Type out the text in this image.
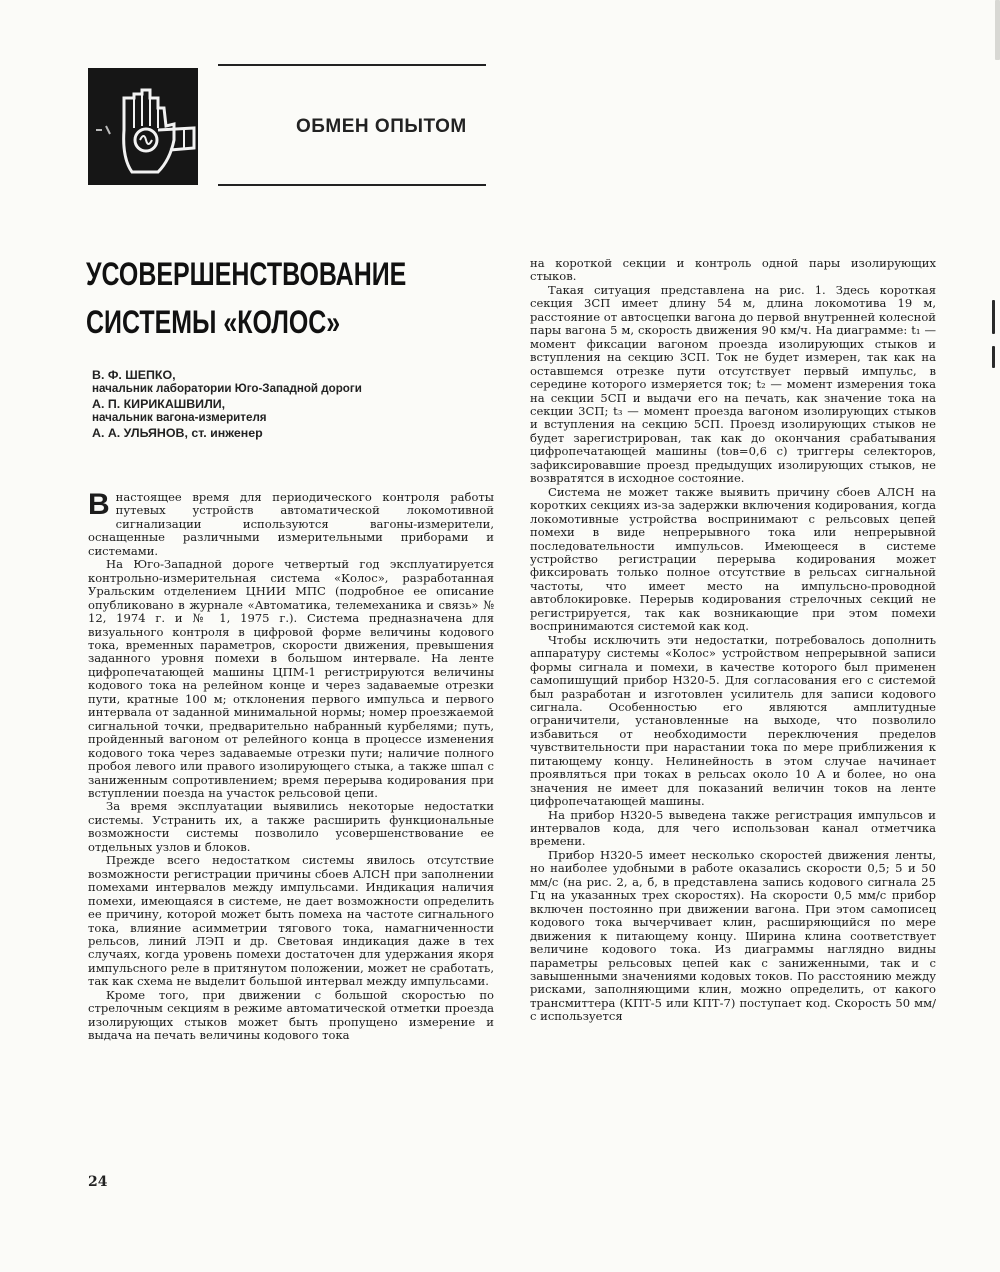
ОБМЕН ОПЫТОМ
УСОВЕРШЕНСТВОВАНИЕ
СИСТЕМЫ «КОЛОС»
В. Ф. ШЕПКО,
начальник лаборатории Юго-Западной дороги
А. П. КИРИКАШВИЛИ,
начальник вагона-измерителя
А. А. УЛЬЯНОВ, ст. инженер

В настоящее время для периодического контроля работы путевых устройств автоматической локомотивной сигнализации используются вагоны-измерители, оснащенные различными измерительными приборами и системами.

На Юго-Западной дороге четвертый год эксплуатируется контрольно-измерительная система «Колос», разработанная Уральским отделением ЦНИИ МПС (подробное ее описание опубликовано в журнале «Автоматика, телемеханика и связь» № 12, 1974 г. и № 1, 1975 г.). Система предназначена для визуального контроля в цифровой форме величины кодового тока, временных параметров, скорости движения, превышения заданного уровня помехи в большом интервале. На ленте цифропечатающей машины ЦПМ-1 регистрируются величины кодового тока на релейном конце и через задаваемые отрезки пути, кратные 100 м; отклонения первого импульса и первого интервала от заданной минимальной нормы; номер проезжаемой сигнальной точки, предварительно набранный курбелями; путь, пройденный вагоном от релейного конца в процессе изменения кодового тока через задаваемые отрезки пути; наличие полного пробоя левого или правого изолирующего стыка, а также шпал с заниженным сопротивлением; время перерыва кодирования при вступлении поезда на участок рельсовой цепи.

За время эксплуатации выявились некоторые недостатки системы. Устранить их, а также расширить функциональные возможности системы позволило усовершенствование ее отдельных узлов и блоков.

Прежде всего недостатком системы явилось отсутствие возможности регистрации причины сбоев АЛСН при заполнении помехами интервалов между импульсами. Индикация наличия помехи, имеющаяся в системе, не дает возможности определить ее причину, которой может быть помеха на частоте сигнального тока, влияние асимметрии тягового тока, намагниченности рельсов, линий ЛЭП и др. Световая индикация даже в тех случаях, когда уровень помехи достаточен для удержания якоря импульсного реле в притянутом положении, может не сработать, так как схема не выделит большой интервал между импульсами.

Кроме того, при движении с большой скоростью по стрелочным секциям в режиме автоматической отметки проезда изолирующих стыков может быть пропущено измерение и выдача на печать величины кодового тока

на короткой секции и контроль одной пары изолирующих стыков.

Такая ситуация представлена на рис. 1. Здесь короткая секция 3СП имеет длину 54 м, длина локомотива 19 м, расстояние от автосцепки вагона до первой внутренней колесной пары вагона 5 м, скорость движения 90 км/ч. На диаграмме: t₁ — момент фиксации вагоном проезда изолирующих стыков и вступления на секцию 3СП. Ток не будет измерен, так как на оставшемся отрезке пути отсутствует первый импульс, в середине которого измеряется ток; t₂ — момент измерения тока на секции 5СП и выдачи его на печать, как значение тока на секции 3СП; t₃ — момент проезда вагоном изолирующих стыков и вступления на секцию 5СП. Проезд изолирующих стыков не будет зарегистрирован, так как до окончания срабатывания цифропечатающей машины (tов=0,6 с) триггеры селекторов, зафиксировавшие проезд предыдущих изолирующих стыков, не возвратятся в исходное состояние.

Система не может также выявить причину сбоев АЛСН на коротких секциях из-за задержки включения кодирования, когда локомотивные устройства воспринимают с рельсовых цепей помехи в виде непрерывного тока или непрерывной последовательности импульсов. Имеющееся в системе устройство регистрации перерыва кодирования может фиксировать только полное отсутствие в рельсах сигнальной частоты, что имеет место на импульсно-проводной автоблокировке. Перерыв кодирования стрелочных секций не регистрируется, так как возникающие при этом помехи воспринимаются системой как код.

Чтобы исключить эти недостатки, потребовалось дополнить аппаратуру системы «Колос» устройством непрерывной записи формы сигнала и помехи, в качестве которого был применен самопишущий прибор Н320-5. Для согласования его с системой был разработан и изготовлен усилитель для записи кодового сигнала. Особенностью его являются амплитудные ограничители, установленные на выходе, что позволило избавиться от необходимости переключения пределов чувствительности при нарастании тока по мере приближения к питающему концу. Нелинейность в этом случае начинает проявляться при токах в рельсах около 10 А и более, но она значения не имеет для показаний величин токов на ленте цифропечатающей машины.

На прибор Н320-5 выведена также регистрация импульсов и интервалов кода, для чего использован канал отметчика времени.

Прибор Н320-5 имеет несколько скоростей движения ленты, но наиболее удобными в работе оказались скорости 0,5; 5 и 50 мм/с (на рис. 2, а, б, в представлена запись кодового сигнала 25 Гц на указанных трех скоростях). На скорости 0,5 мм/с прибор включен постоянно при движении вагона. При этом самописец кодового тока вычерчивает клин, расширяющийся по мере движения к питающему концу. Ширина клина соответствует величине кодового тока. Из диаграммы наглядно видны параметры рельсовых цепей как с заниженными, так и с завышенными значениями кодовых токов. По расстоянию между рисками, заполняющими клин, можно определить, от какого трансмиттера (КПТ-5 или КПТ-7) поступает код. Скорость 50 мм/с используется

24
